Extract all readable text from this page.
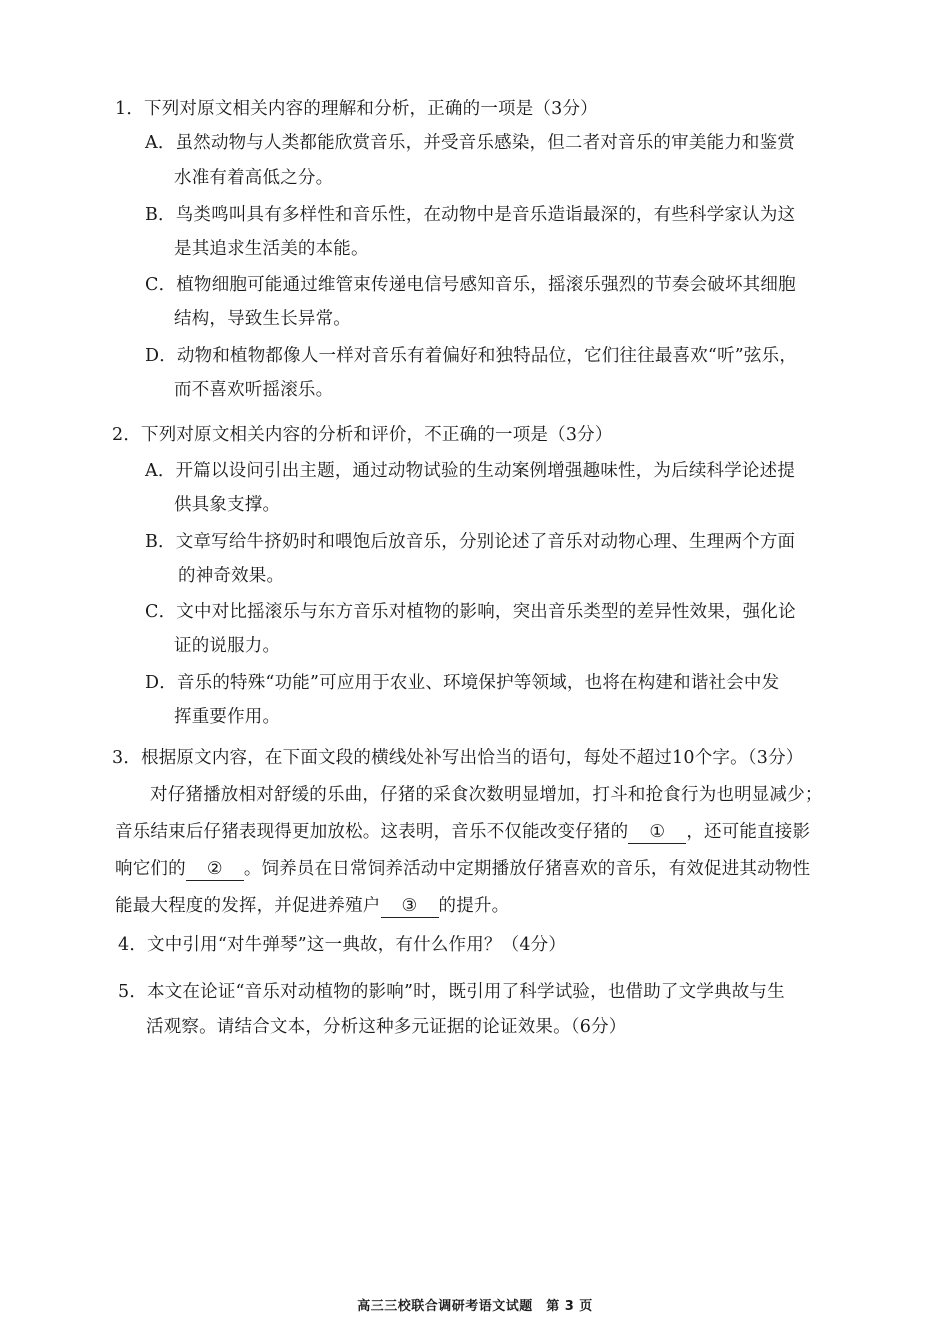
1．下列对原文相关内容的理解和分析，正确的一项是（3分）
A．虽然动物与人类都能欣赏音乐，并受音乐感染，但二者对音乐的审美能力和鉴赏
水准有着高低之分。
B．鸟类鸣叫具有多样性和音乐性，在动物中是音乐造诣最深的，有些科学家认为这
是其追求生活美的本能。
C．植物细胞可能通过维管束传递电信号感知音乐，摇滚乐强烈的节奏会破坏其细胞
结构，导致生长异常。
D．动物和植物都像人一样对音乐有着偏好和独特品位，它们往往最喜欢“听”弦乐，
而不喜欢听摇滚乐。
2．下列对原文相关内容的分析和评价，不正确的一项是（3分）
A．开篇以设问引出主题，通过动物试验的生动案例增强趣味性，为后续科学论述提
供具象支撑。
B．文章写给牛挤奶时和喂饱后放音乐，分别论述了音乐对动物心理、生理两个方面
的神奇效果。
C．文中对比摇滚乐与东方音乐对植物的影响，突出音乐类型的差异性效果，强化论
证的说服力。
D．音乐的特殊“功能”可应用于农业、环境保护等领域，也将在构建和谐社会中发
挥重要作用。
3．根据原文内容，在下面文段的横线处补写出恰当的语句，每处不超过10个字。（3分）
对仔猪播放相对舒缓的乐曲，仔猪的采食次数明显增加，打斗和抢食行为也明显减少；
音乐结束后仔猪表现得更加放松。这表明，音乐不仅能改变仔猪的 ① ，还可能直接影
响它们的 ② 。饲养员在日常饲养活动中定期播放仔猪喜欢的音乐，有效促进其动物性
能最大程度的发挥，并促进养殖户 ③ 的提升。
4．文中引用“对牛弹琴”这一典故，有什么作用？（4分）
5．本文在论证“音乐对动植物的影响”时，既引用了科学试验，也借助了文学典故与生
活观察。请结合文本，分析这种多元证据的论证效果。（6分）
高三三校联合调研考语文试题　第 3 页
